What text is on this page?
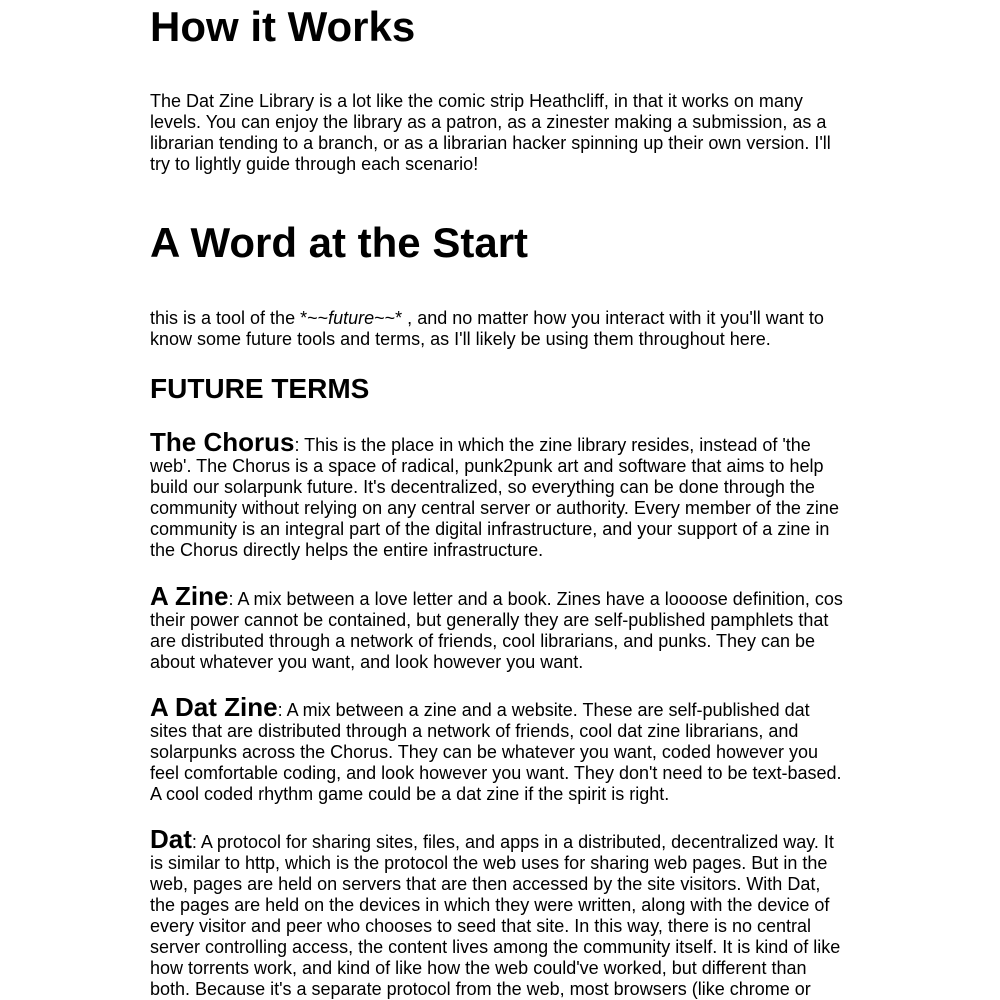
How it Works

The Dat Zine Library is a lot like the comic strip Heathcliff, in that it works on many levels. You can enjoy the library as a patron, as a zinester making a submission, as a librarian tending to a branch, or as a librarian hacker spinning up their own version. I'll try to lightly guide through each scenario!

A Word at the Start

this is a tool of the *~~future~~* , and no matter how you interact with it you'll want to know some future tools and terms, as I'll likely be using them throughout here.

FUTURE TERMS

The Chorus: This is the place in which the zine library resides, instead of 'the web'. The Chorus is a space of radical, punk2punk art and software that aims to help build our solarpunk future. It's decentralized, so everything can be done through the community without relying on any central server or authority. Every member of the zine community is an integral part of the digital infrastructure, and your support of a zine in the Chorus directly helps the entire infrastructure.

A Zine: A mix between a love letter and a book. Zines have a loooose definition, cos their power cannot be contained, but generally they are self-published pamphlets that are distributed through a network of friends, cool librarians, and punks. They can be about whatever you want, and look however you want.

A Dat Zine: A mix between a zine and a website. These are self-published dat sites that are distributed through a network of friends, cool dat zine librarians, and solarpunks across the Chorus. They can be whatever you want, coded however you feel comfortable coding, and look however you want. They don't need to be text-based. A cool coded rhythm game could be a dat zine if the spirit is right.

Dat: A protocol for sharing sites, files, and apps in a distributed, decentralized way. It is similar to http, which is the protocol the web uses for sharing web pages. But in the web, pages are held on servers that are then accessed by the site visitors. With Dat, the pages are held on the devices in which they were written, along with the device of every visitor and peer who chooses to seed that site. In this way, there is no central server controlling access, the content lives among the community itself. It is kind of like how torrents work, and kind of like how the web could've worked, but different than both. Because it's a separate protocol from the web, most browsers (like chrome or
